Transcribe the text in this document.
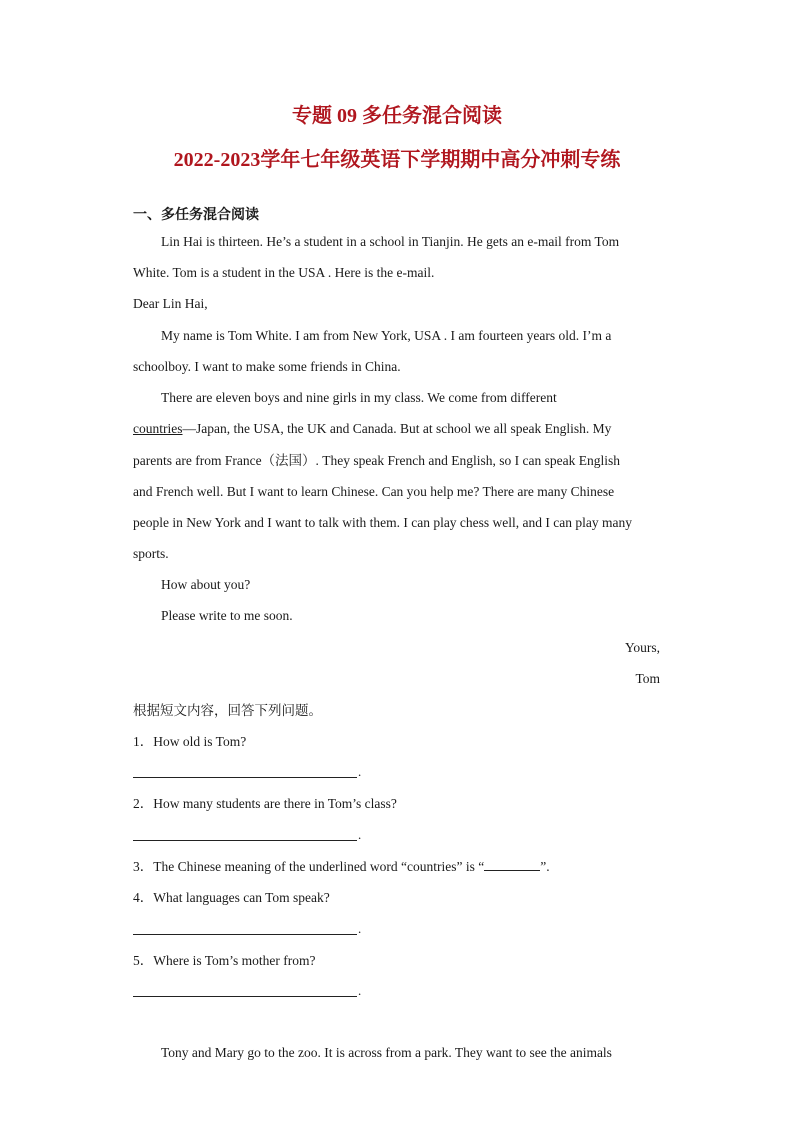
专题 09 多任务混合阅读
2022-2023学年七年级英语下学期期中高分冲刺专练
一、多任务混合阅读
Lin Hai is thirteen. He’s a student in a school in Tianjin. He gets an e-mail from Tom
White. Tom is a student in the USA . Here is the e-mail.
Dear Lin Hai,
My name is Tom White. I am from New York, USA . I am fourteen years old. I’m a
schoolboy. I want to make some friends in China.
There are eleven boys and nine girls in my class. We come from different
countries—Japan, the USA, the UK and Canada. But at school we all speak English. My
parents are from France（法国）. They speak French and English, so I can speak English
and French well. But I want to learn Chinese. Can you help me? There are many Chinese
people in New York and I want to talk with them. I can play chess well, and I can play many
sports.
How about you?
Please write to me soon.
Yours,
Tom
根据短文内容，回答下列问题。
1．How old is Tom?
.
2．How many students are there in Tom’s class?
.
3．The Chinese meaning of the underlined word “countries” is “	”.
4．What languages can Tom speak?
.
5．Where is Tom’s mother from?
.
Tony and Mary go to the zoo. It is across from a park. They want to see the animals
